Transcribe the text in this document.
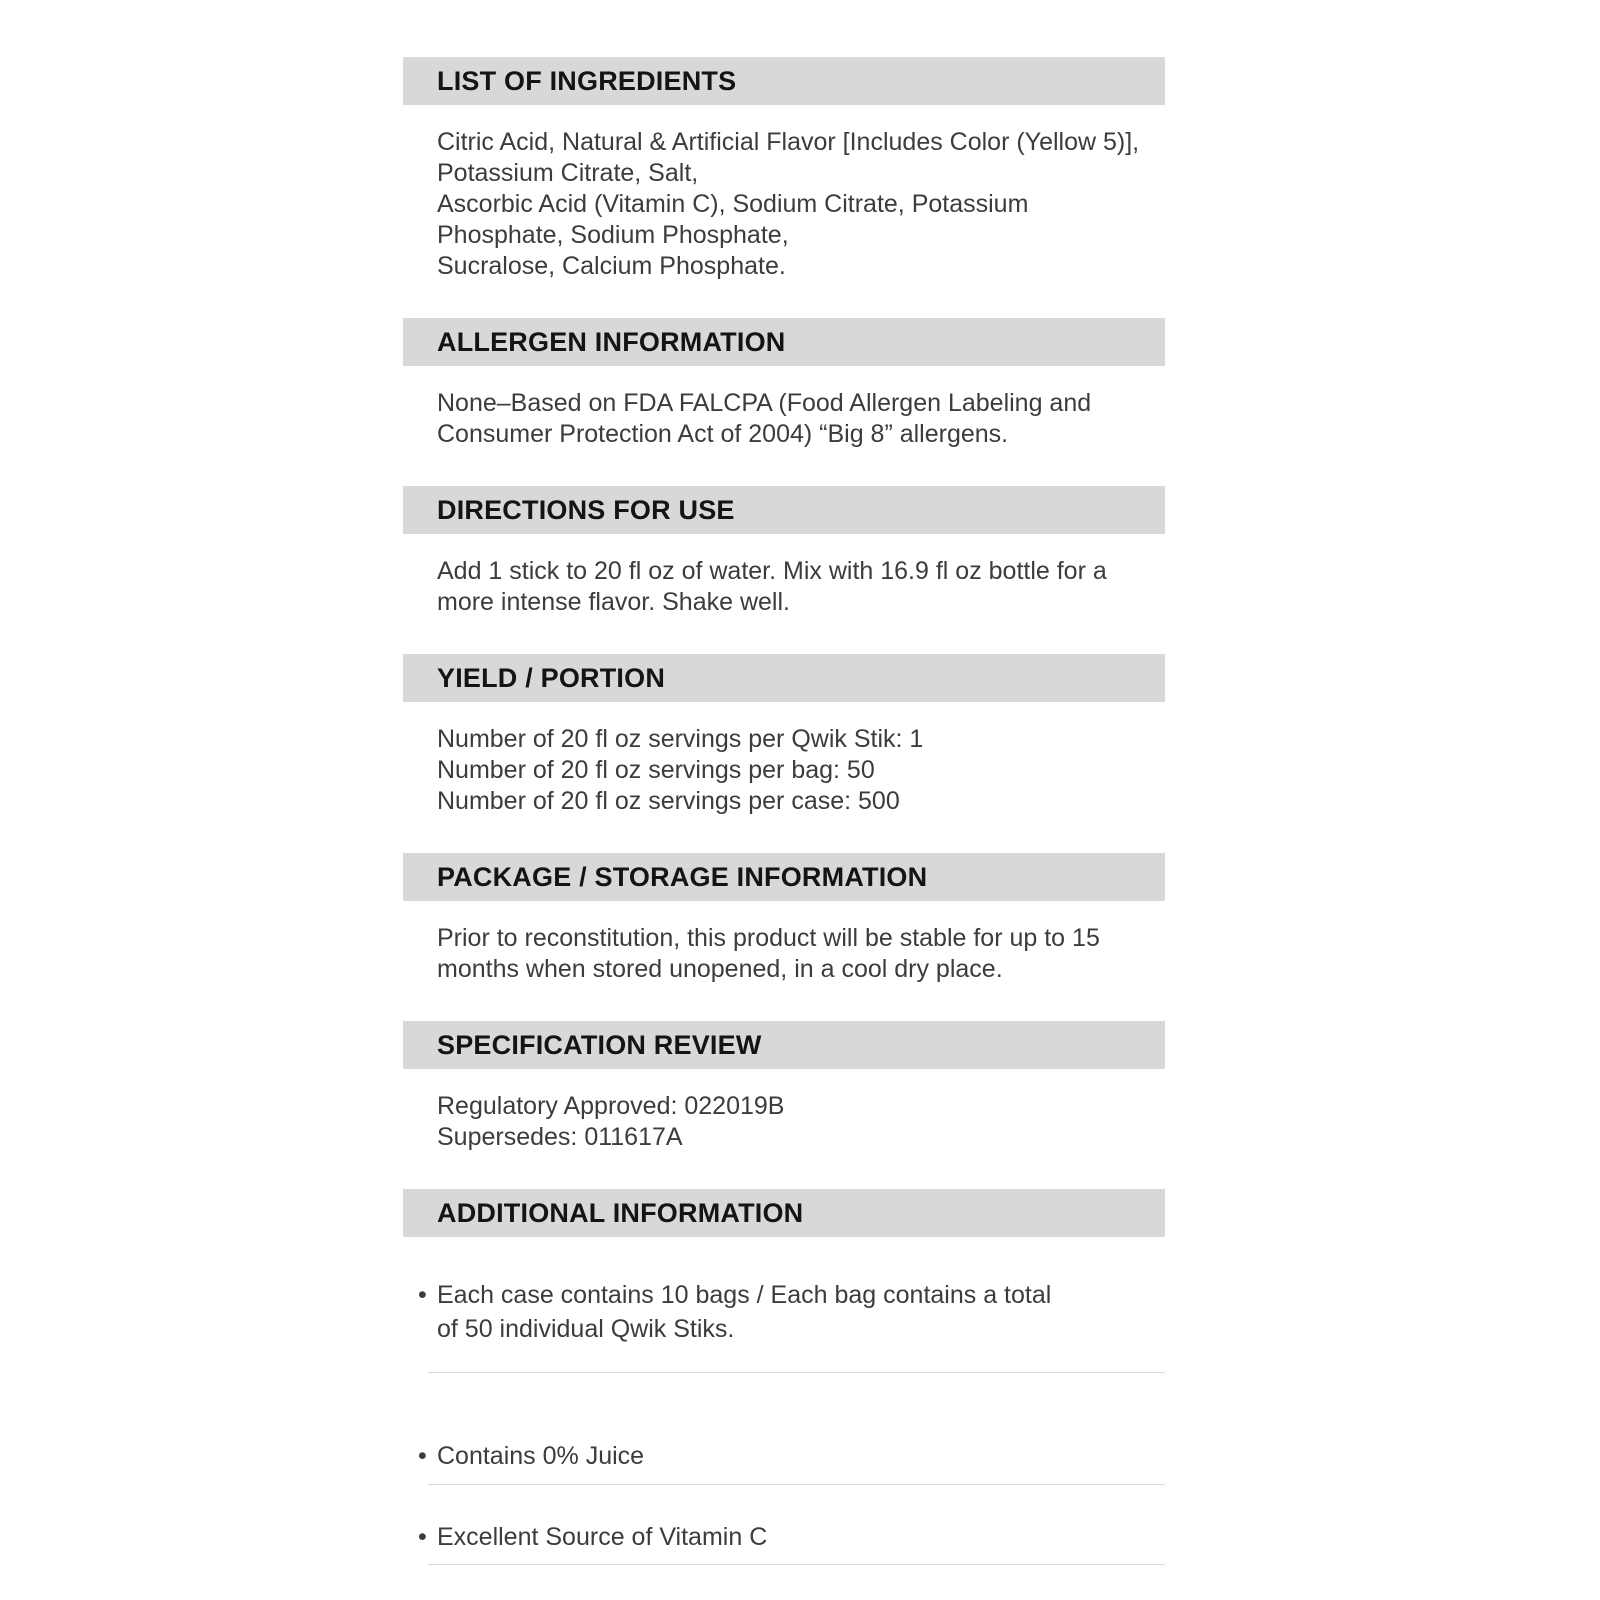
LIST OF INGREDIENTS
Citric Acid, Natural & Artificial Flavor [Includes Color (Yellow 5)],
Potassium Citrate, Salt,
Ascorbic Acid (Vitamin C), Sodium Citrate, Potassium
Phosphate, Sodium Phosphate,
Sucralose, Calcium Phosphate.
ALLERGEN INFORMATION
None–Based on FDA FALCPA (Food Allergen Labeling and
Consumer Protection Act of 2004) “Big 8” allergens.
DIRECTIONS FOR USE
Add 1 stick to 20 fl oz of water. Mix with 16.9 fl oz bottle for a
more intense flavor. Shake well.
YIELD / PORTION
Number of 20 fl oz servings per Qwik Stik: 1
Number of 20 fl oz servings per bag: 50
Number of 20 fl oz servings per case: 500
PACKAGE / STORAGE INFORMATION
Prior to reconstitution, this product will be stable for up to 15
months when stored unopened, in a cool dry place.
SPECIFICATION REVIEW
Regulatory Approved: 022019B
Supersedes: 011617A
ADDITIONAL INFORMATION
• Each case contains 10 bags / Each bag contains a total
of 50 individual Qwik Stiks.
• Contains 0% Juice
• Excellent Source of Vitamin C
